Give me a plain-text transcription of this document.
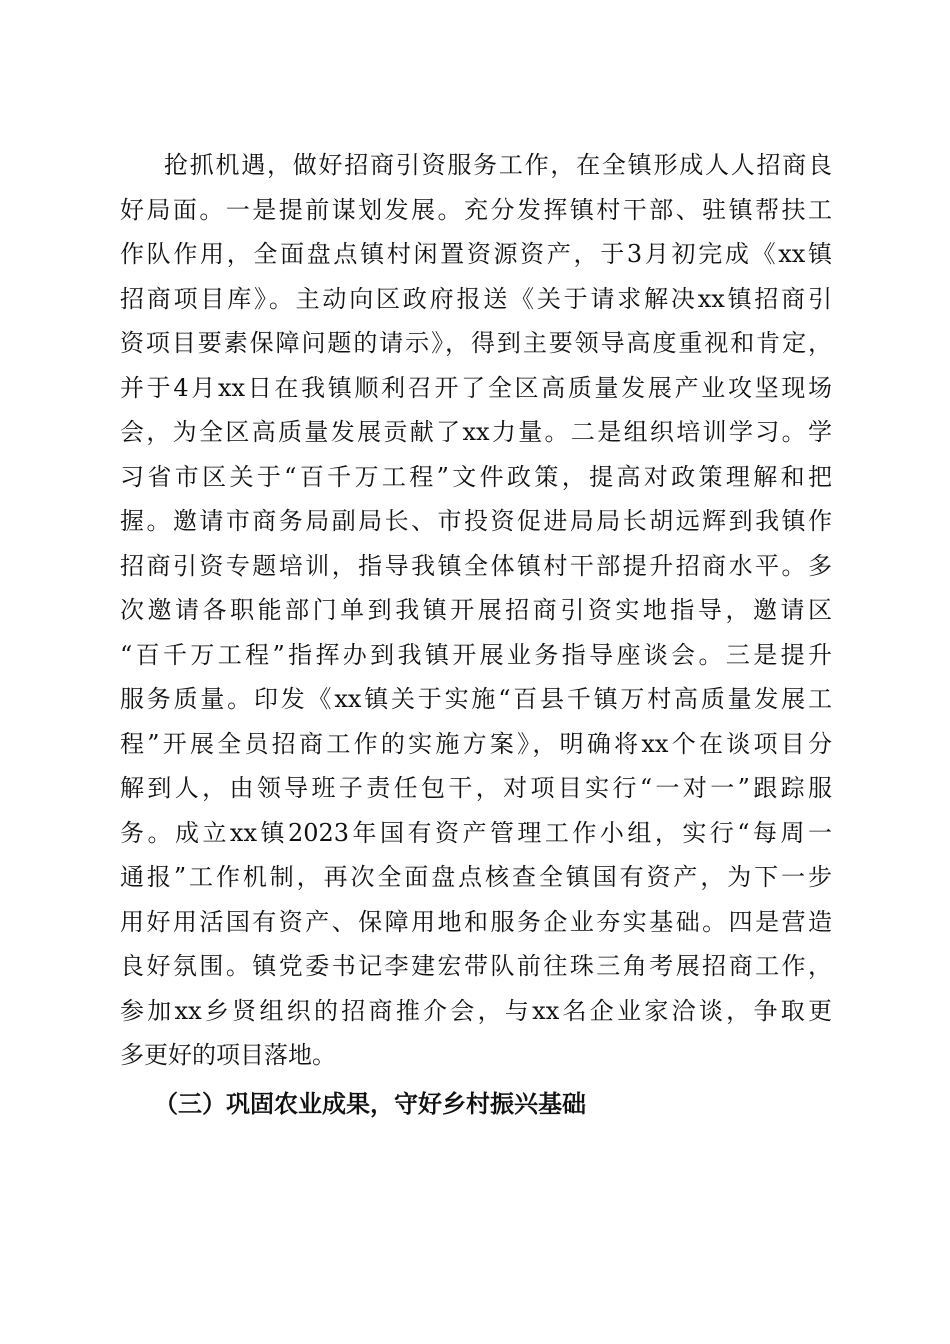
抢抓机遇，做好招商引资服务工作，在全镇形成人人招商良
好局面。一是提前谋划发展。充分发挥镇村干部、驻镇帮扶工
作队作用，全面盘点镇村闲置资源资产，于3月初完成《xx镇
招商项目库》。主动向区政府报送《关于请求解决xx镇招商引
资项目要素保障问题的请示》，得到主要领导高度重视和肯定，
并于4月xx日在我镇顺利召开了全区高质量发展产业攻坚现场
会，为全区高质量发展贡献了xx力量。二是组织培训学习。学
习省市区关于“百千万工程”文件政策，提高对政策理解和把
握。邀请市商务局副局长、市投资促进局局长胡远辉到我镇作
招商引资专题培训，指导我镇全体镇村干部提升招商水平。多
次邀请各职能部门单到我镇开展招商引资实地指导，邀请区
“百千万工程”指挥办到我镇开展业务指导座谈会。三是提升
服务质量。印发《xx镇关于实施“百县千镇万村高质量发展工
程”开展全员招商工作的实施方案》，明确将xx个在谈项目分
解到人，由领导班子责任包干，对项目实行“一对一”跟踪服
务。成立xx镇2023年国有资产管理工作小组，实行“每周一
通报”工作机制，再次全面盘点核查全镇国有资产，为下一步
用好用活国有资产、保障用地和服务企业夯实基础。四是营造
良好氛围。镇党委书记李建宏带队前往珠三角考展招商工作，
参加xx乡贤组织的招商推介会，与xx名企业家洽谈，争取更
多更好的项目落地。
（三）巩固农业成果，守好乡村振兴基础
